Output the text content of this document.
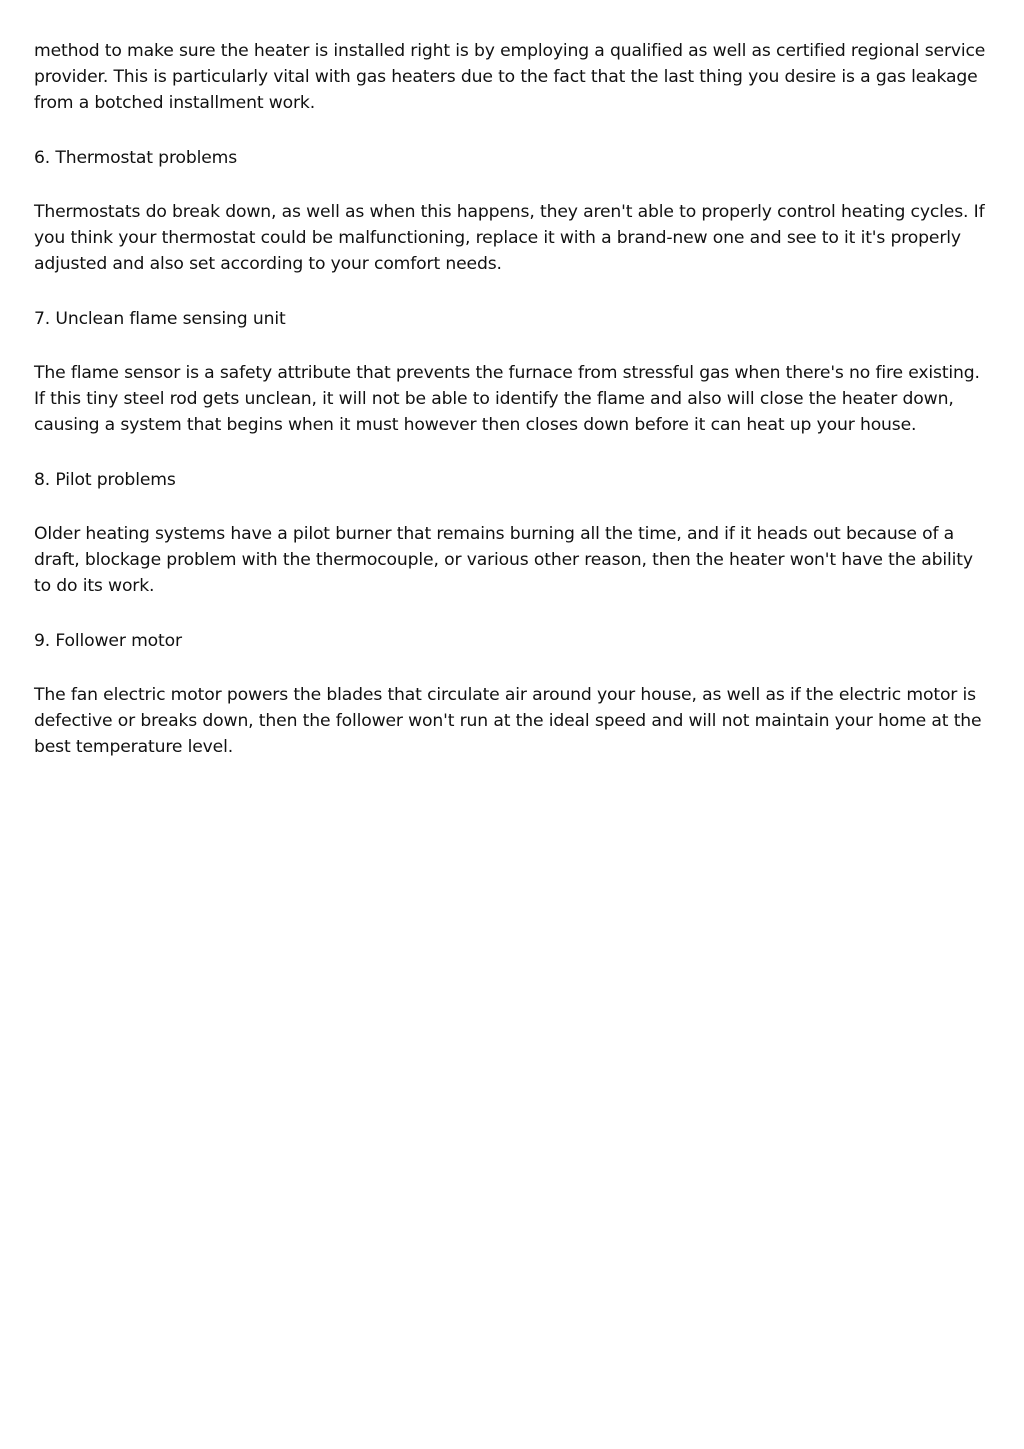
method to make sure the heater is installed right is by employing a qualified as well as certified regional service provider. This is particularly vital with gas heaters due to the fact that the last thing you desire is a gas leakage from a botched installment work.

6. Thermostat problems

Thermostats do break down, as well as when this happens, they aren't able to properly control heating cycles. If you think your thermostat could be malfunctioning, replace it with a brand-new one and see to it it's properly adjusted and also set according to your comfort needs.

7. Unclean flame sensing unit

The flame sensor is a safety attribute that prevents the furnace from stressful gas when there's no fire existing. If this tiny steel rod gets unclean, it will not be able to identify the flame and also will close the heater down, causing a system that begins when it must however then closes down before it can heat up your house.

8. Pilot problems

Older heating systems have a pilot burner that remains burning all the time, and if it heads out because of a draft, blockage problem with the thermocouple, or various other reason, then the heater won't have the ability to do its work.

9. Follower motor

The fan electric motor powers the blades that circulate air around your house, as well as if the electric motor is defective or breaks down, then the follower won't run at the ideal speed and will not maintain your home at the best temperature level.
